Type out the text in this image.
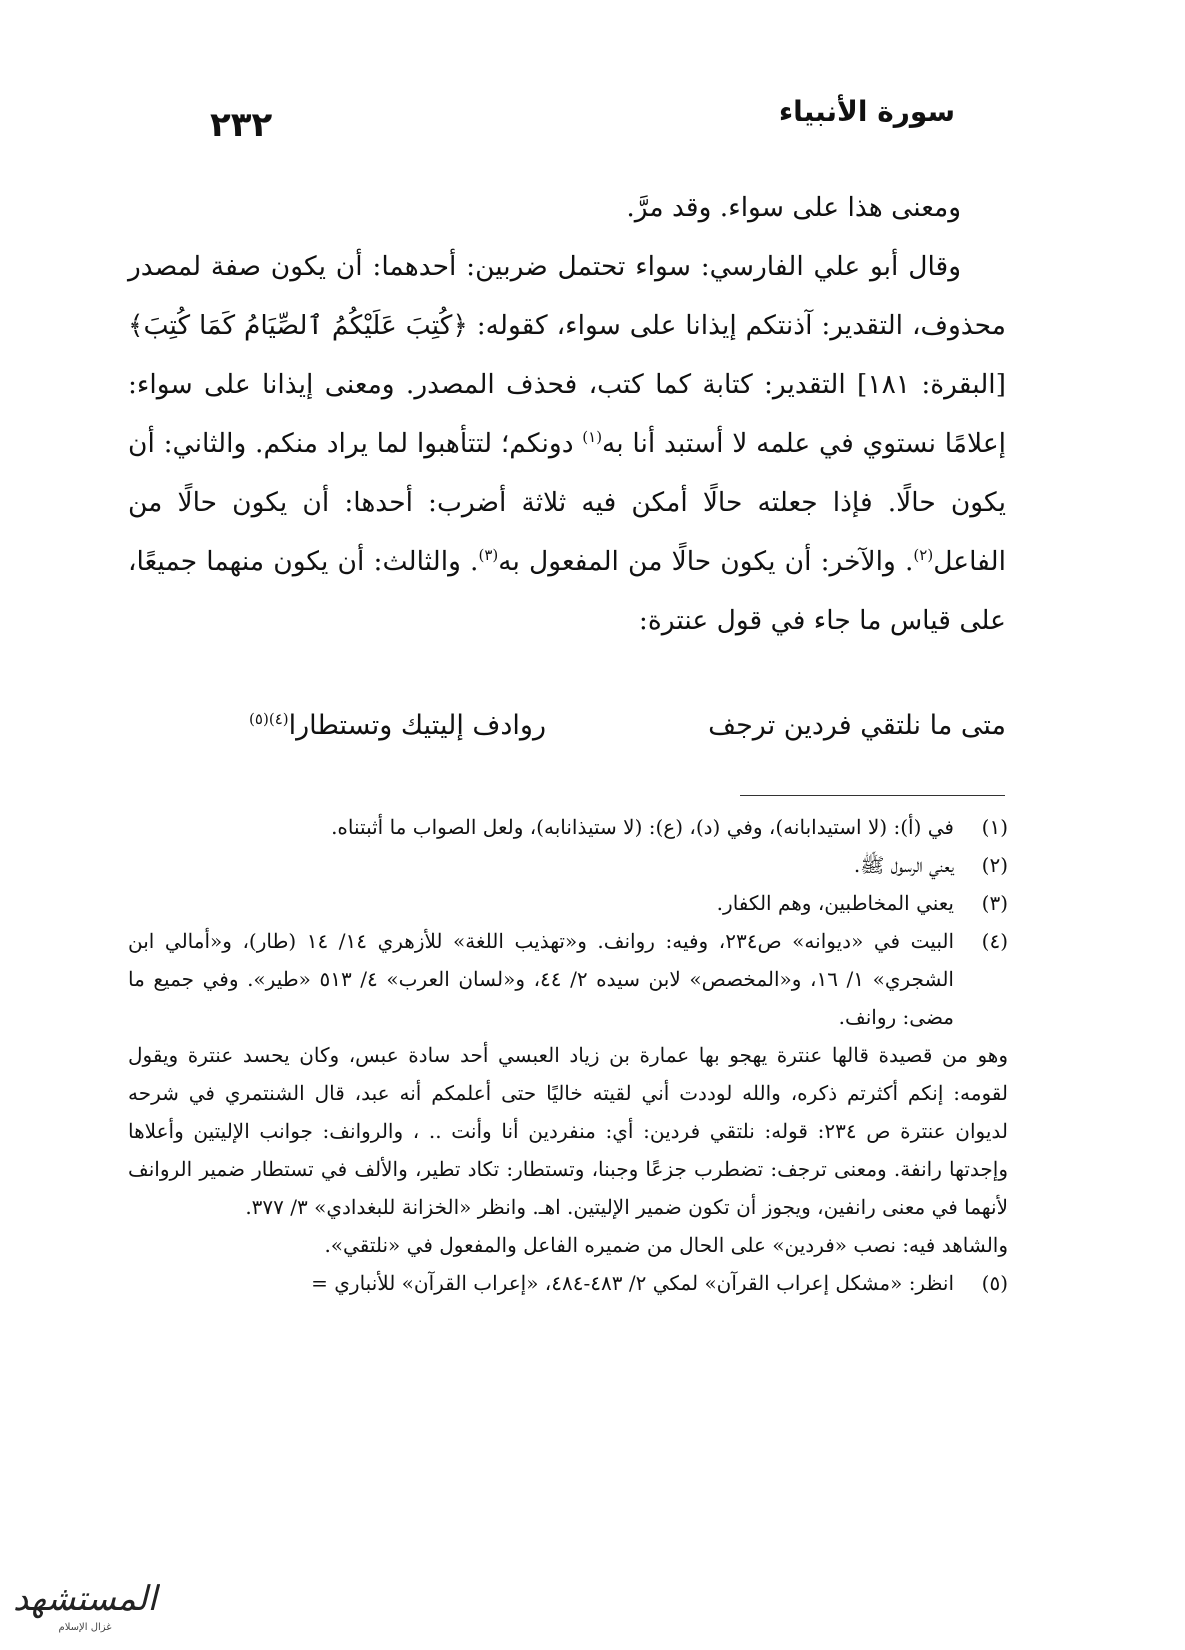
٢٣٢	سورة الأنبياء

ومعنى هذا على سواء. وقد مرَّ.

وقال أبو علي الفارسي: سواء تحتمل ضربين: أحدهما: أن يكون صفة لمصدر محذوف، التقدير: آذنتكم إيذانا على سواء، كقوله: ﴿كُتِبَ عَلَيْكُمُ ٱلصِّيَامُ كَمَا كُتِبَ﴾ [البقرة: ١٨١] التقدير: كتابة كما كتب، فحذف المصدر. ومعنى إيذانا على سواء: إعلامًا نستوي في علمه لا أستبد أنا به$^{(١)}$ دونكم؛ لتتأهبوا لما يراد منكم. والثاني: أن يكون حالًا. فإذا جعلته حالًا أمكن فيه ثلاثة أضرب: أحدها: أن يكون حالًا من الفاعل$^{(٢)}$. والآخر: أن يكون حالًا من المفعول به$^{(٣)}$. والثالث: أن يكون منهما جميعًا، على قياس ما جاء في قول عنترة:

متى ما نلتقي فردين ترجف
روادف إليتيك وتستطارا$^{(٤)(٥)}$
(١)

في (أ): (لا استيدابانه)، وفي (د)، (ع): (لا ستيذانابه)، ولعل الصواب ما أثبتناه.

(٢)

يعني الرسول ﷺ.

(٣)

يعني المخاطبين، وهم الكفار.

(٤)

البيت في «ديوانه» ص٢٣٤، وفيه: روانف. و«تهذيب اللغة» للأزهري ١٤/ ١٤ (طار)، و«أمالي ابن الشجري» ١/ ١٦، و«المخصص» لابن سيده ٢/ ٤٤، و«لسان العرب» ٤/ ٥١٣ «طير». وفي جميع ما مضى: روانف.

وهو من قصيدة قالها عنترة يهجو بها عمارة بن زياد العبسي أحد سادة عبس، وكان يحسد عنترة ويقول لقومه: إنكم أكثرتم ذكره، والله لوددت أني لقيته خاليًا حتى أعلمكم أنه عبد، قال الشنتمري في شرحه لديوان عنترة ص ٢٣٤: قوله: نلتقي فردين: أي: منفردين أنا وأنت .. ، والروانف: جوانب الإليتين وأعلاها وإجدتها رانفة. ومعنى ترجف: تضطرب جزعًا وجبنا، وتستطار: تكاد تطير، والألف في تستطار ضمير الروانف لأنهما في معنى رانفين، ويجوز أن تكون ضمير الإليتين. اهـ. وانظر «الخزانة للبغدادي» ٣/ ٣٧٧.

والشاهد فيه: نصب «فردين» على الحال من ضميره الفاعل والمفعول في «نلتقي».

(٥)

انظر: «مشكل إعراب القرآن» لمكي ٢/ ٤٨٣-٤٨٤، «إعراب القرآن» للأنباري =

المستشهد
غزال الإسلام
